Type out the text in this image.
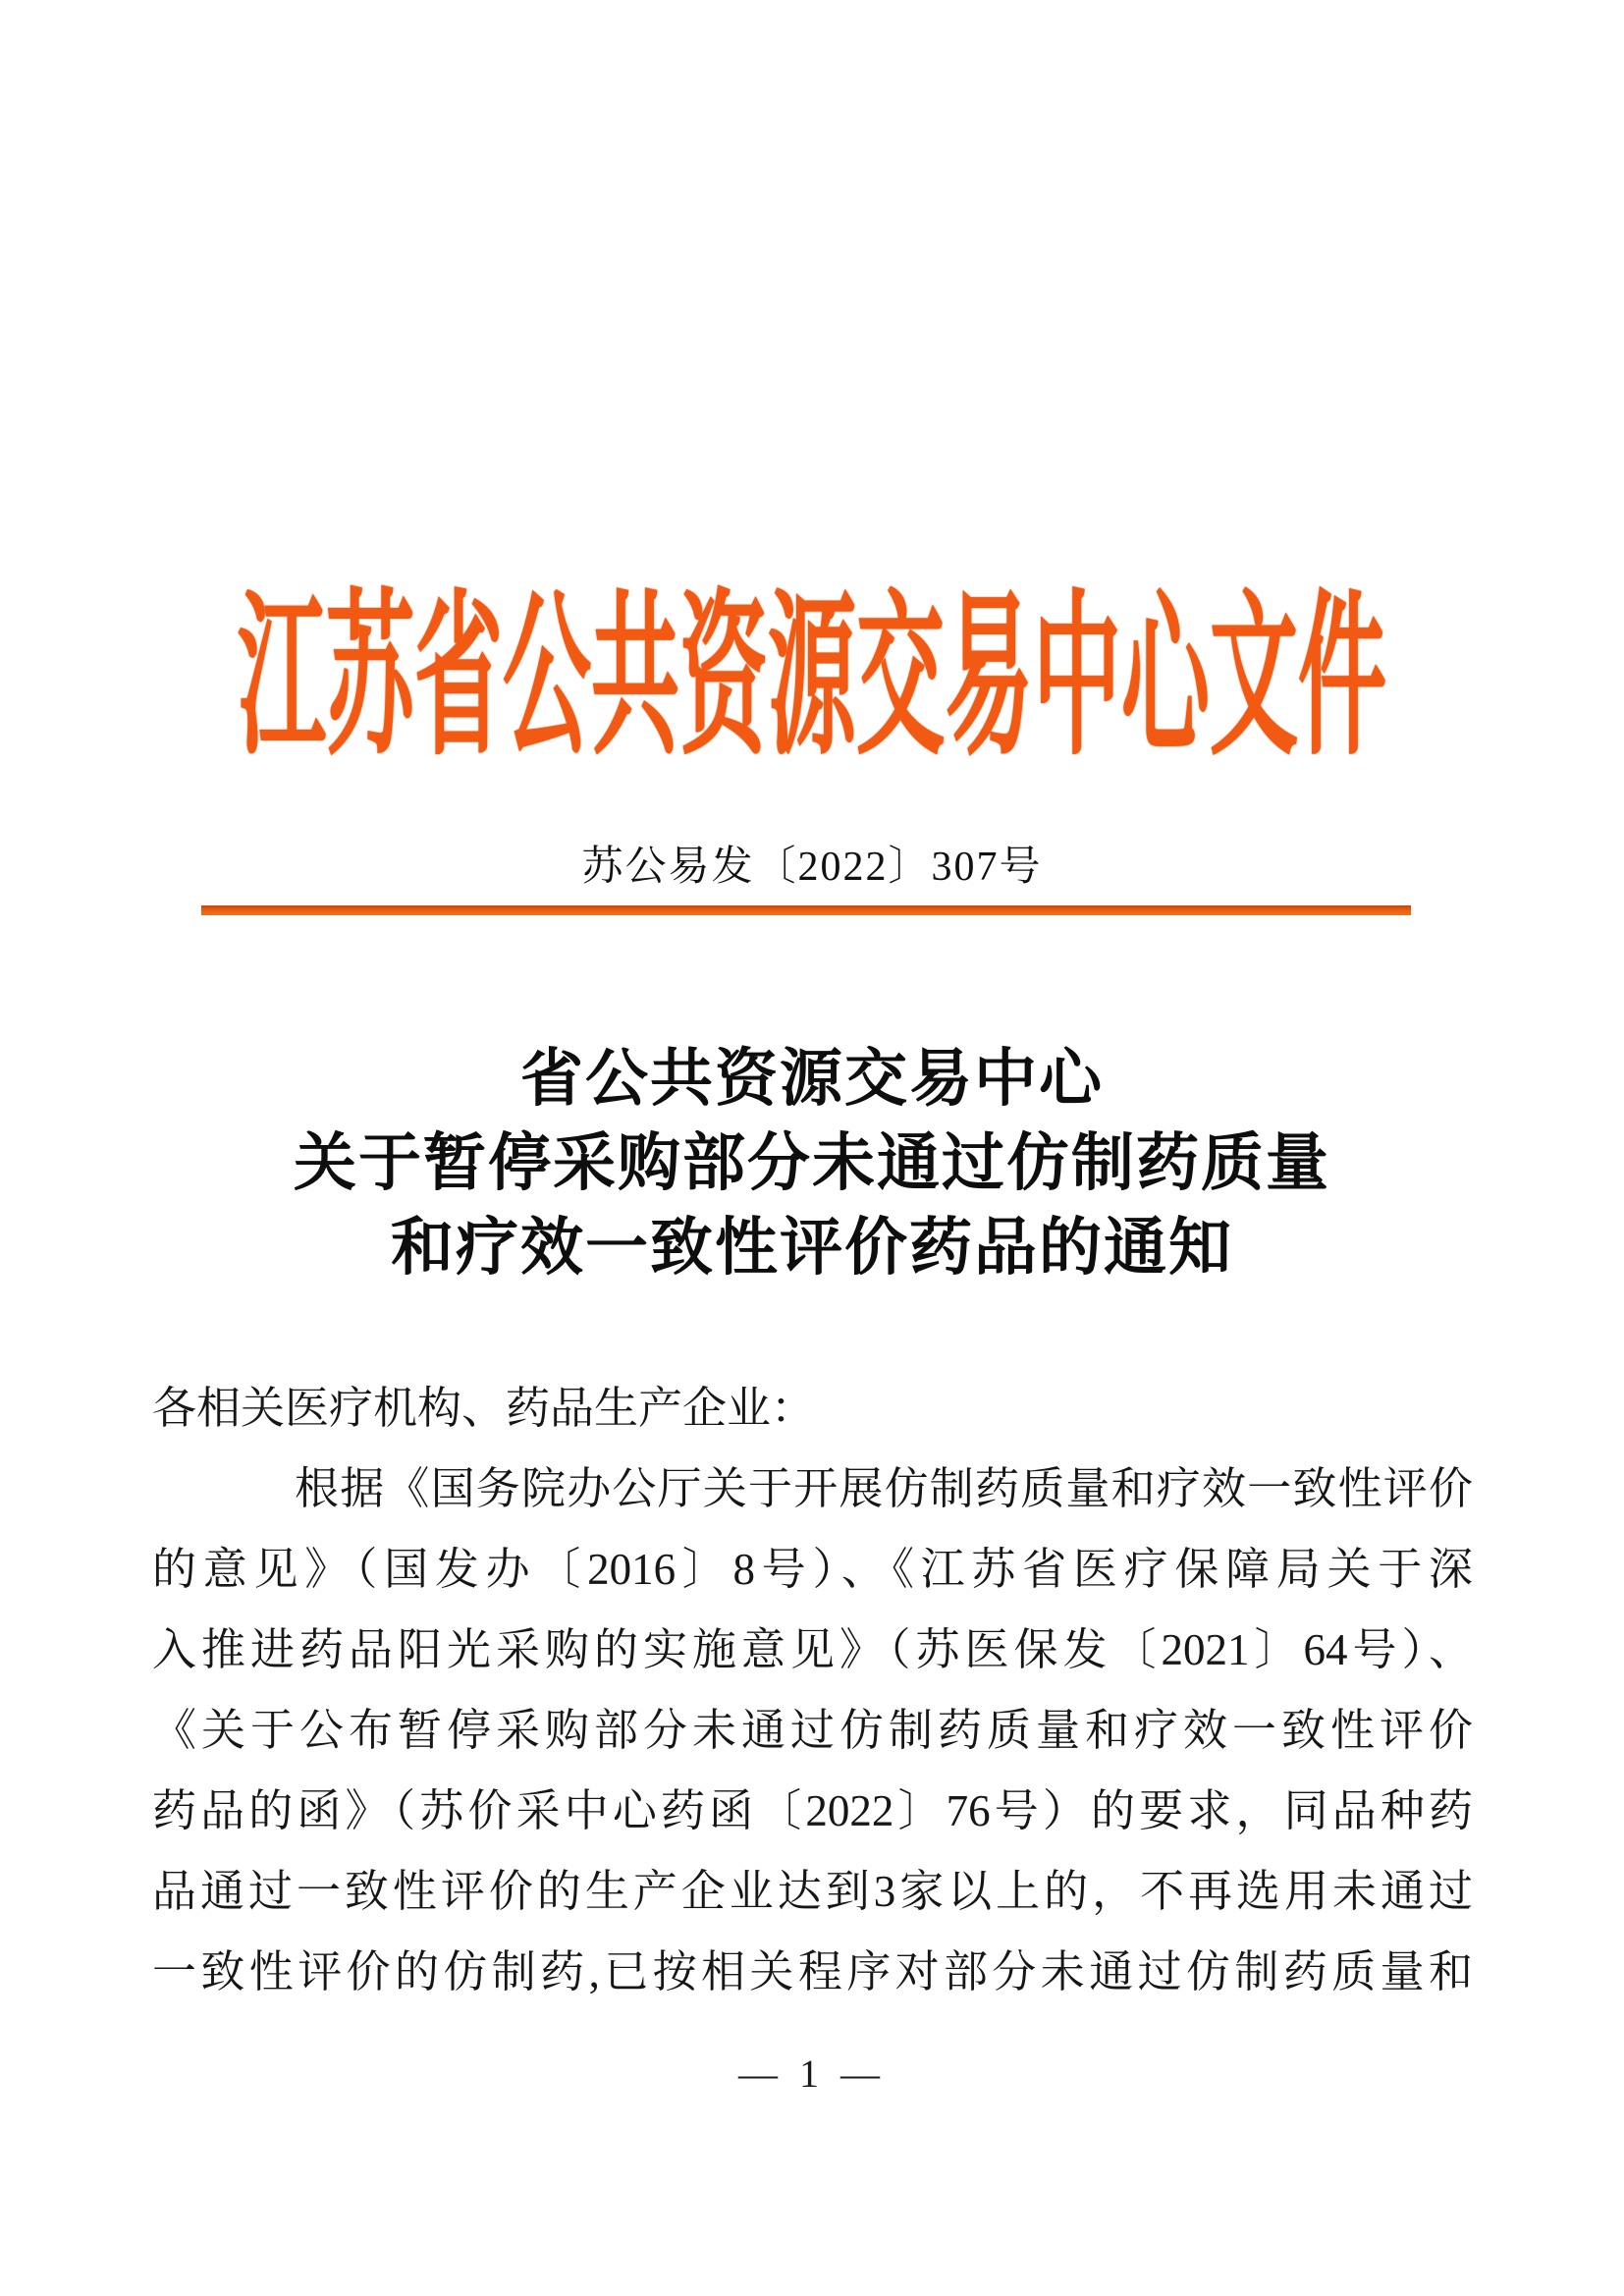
江苏省公共资源交易中心文件
苏公易发〔2022〕307号
省公共资源交易中心
关于暂停采购部分未通过仿制药质量
和疗效一致性评价药品的通知
各相关医疗机构、药品生产企业：
根据《国务院办公厅关于开展仿制药质量和疗效一致性评价
的意见》（国发办〔2016〕8号）、《江苏省医疗保障局关于深
入推进药品阳光采购的实施意见》（苏医保发〔2021〕64号）、
《关于公布暂停采购部分未通过仿制药质量和疗效一致性评价
药品的函》（苏价采中心药函〔2022〕76号）的要求，同品种药
品通过一致性评价的生产企业达到3家以上的，不再选用未通过
一致性评价的仿制药,已按相关程序对部分未通过仿制药质量和
— 1 —
